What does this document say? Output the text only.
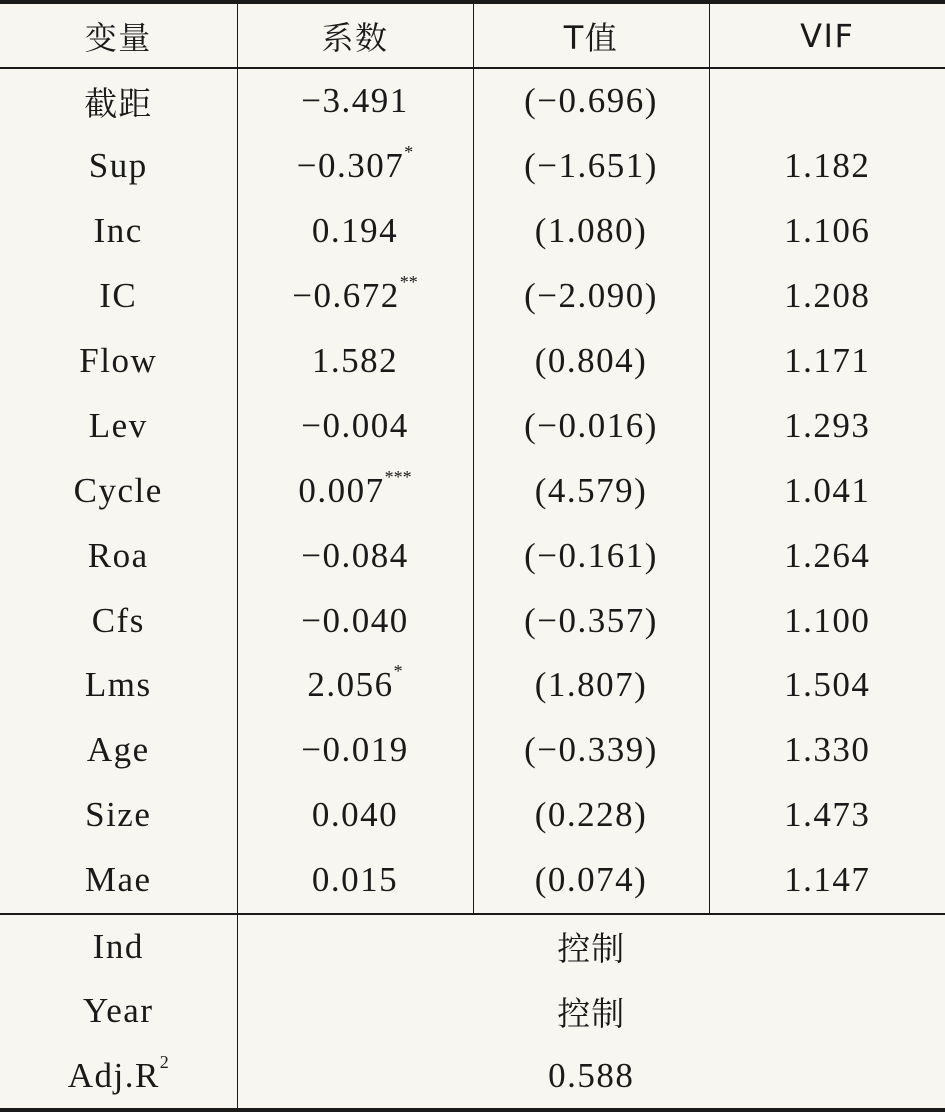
变量	系数	T值	VIF
截距	−3.491	(−0.696)	
Sup	−0.307*	(−1.651)	1.182
Inc	0.194	(1.080)	1.106
IC	−0.672**	(−2.090)	1.208
Flow	1.582	(0.804)	1.171
Lev	−0.004	(−0.016)	1.293
Cycle	0.007***	(4.579)	1.041
Roa	−0.084	(−0.161)	1.264
Cfs	−0.040	(−0.357)	1.100
Lms	2.056*	(1.807)	1.504
Age	−0.019	(−0.339)	1.330
Size	0.040	(0.228)	1.473
Mae	0.015	(0.074)	1.147
Ind	控制		
Year	控制		
$Adj.R^2$	0.588		
